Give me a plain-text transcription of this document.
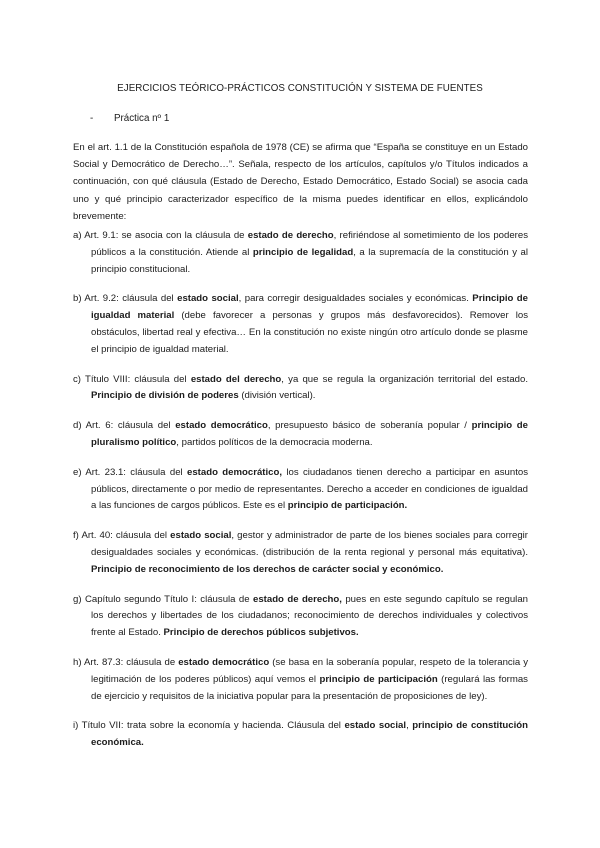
EJERCICIOS TEÓRICO-PRÁCTICOS CONSTITUCIÓN Y SISTEMA DE FUENTES
- Práctica nº 1
En el art. 1.1 de la Constitución española de 1978 (CE) se afirma que “España se constituye en un Estado Social y Democrático de Derecho…”. Señala, respecto de los artículos, capítulos y/o Títulos indicados a continuación, con qué cláusula (Estado de Derecho, Estado Democrático, Estado Social) se asocia cada uno y qué principio caracterizador específico de la misma puedes identificar en ellos, explicándolo brevemente:
a) Art. 9.1: se asocia con la cláusula de estado de derecho, refiriéndose al sometimiento de los poderes públicos a la constitución. Atiende al principio de legalidad, a la supremacía de la constitución y al principio constitucional.
b) Art. 9.2: cláusula del estado social, para corregir desigualdades sociales y económicas. Principio de igualdad material (debe favorecer a personas y grupos más desfavorecidos). Remover los obstáculos, libertad real y efectiva… En la constitución no existe ningún otro artículo donde se plasme el principio de igualdad material.
c) Título VIII: cláusula del estado del derecho, ya que se regula la organización territorial del estado. Principio de división de poderes (división vertical).
d) Art. 6: cláusula del estado democrático, presupuesto básico de soberanía popular / principio de pluralismo político, partidos políticos de la democracia moderna.
e) Art. 23.1: cláusula del estado democrático, los ciudadanos tienen derecho a participar en asuntos públicos, directamente o por medio de representantes. Derecho a acceder en condiciones de igualdad a las funciones de cargos públicos. Este es el principio de participación.
f) Art. 40: cláusula del estado social, gestor y administrador de parte de los bienes sociales para corregir desigualdades sociales y económicas. (distribución de la renta regional y personal más equitativa). Principio de reconocimiento de los derechos de carácter social y económico.
g) Capítulo segundo Título I: cláusula de estado de derecho, pues en este segundo capítulo se regulan los derechos y libertades de los ciudadanos; reconocimiento de derechos individuales y colectivos frente al Estado. Principio de derechos públicos subjetivos.
h) Art. 87.3: cláusula de estado democrático (se basa en la soberanía popular, respeto de la tolerancia y legitimación de los poderes públicos) aquí vemos el principio de participación (regulará las formas de ejercicio y requisitos de la iniciativa popular para la presentación de proposiciones de ley).
i) Título VII: trata sobre la economía y hacienda. Cláusula del estado social, principio de constitución económica.
